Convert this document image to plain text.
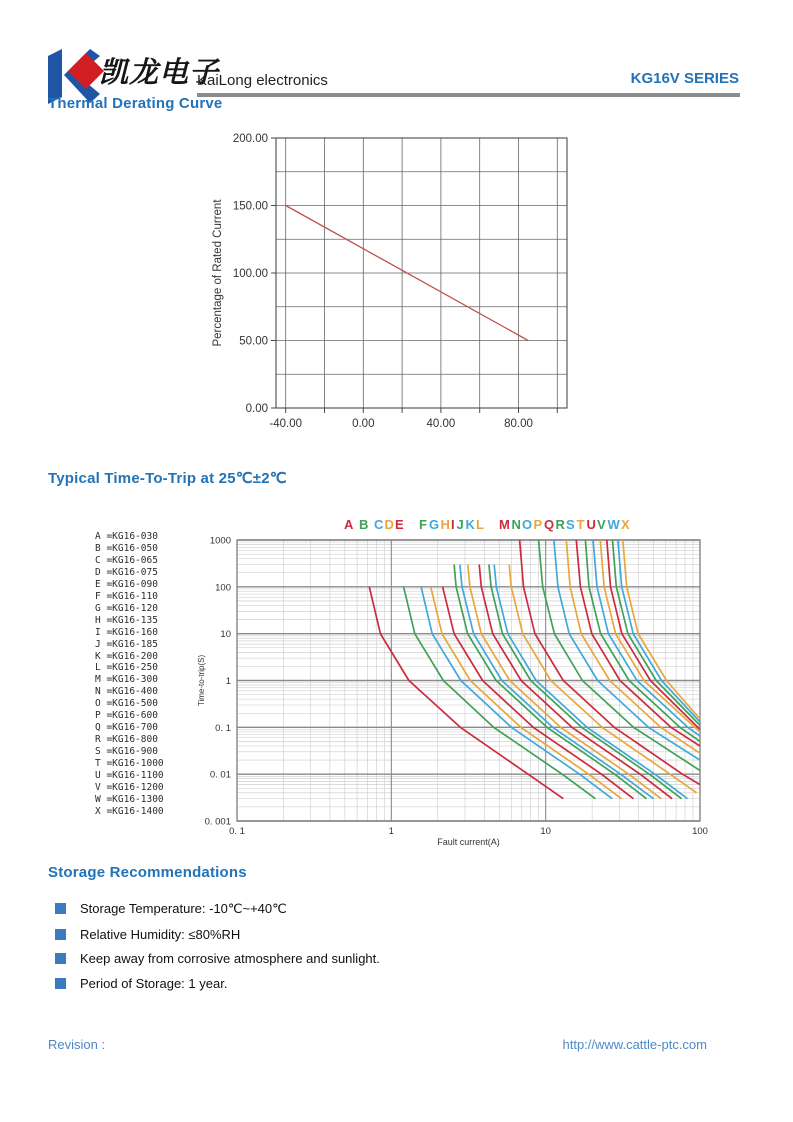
凯龙电子
KaiLong electronics	KG16V SERIES
Thermal Derating Curve
-40.00	0.00	40.00	80.00
0.00
50.00
100.00
150.00
200.00
Percentage of Rated Current
Typical Time-To-Trip at 25℃±2℃
A =KG16-030
B =KG16-050
C =KG16-065
D =KG16-075
E =KG16-090
F =KG16-110
G =KG16-120
H =KG16-135
I =KG16-160
J =KG16-185
K =KG16-200
L =KG16-250
M =KG16-300
N =KG16-400
O =KG16-500
P =KG16-600
Q =KG16-700
R =KG16-800
S =KG16-900
T =KG16-1000
U =KG16-1100
V =KG16-1200
W =KG16-1300
X =KG16-1400
1000
100
10
1
0. 1
0. 01
0. 001
0. 1	1	10	100
Fault current(A)
Time-to-trip(S)
A B C D E F G H I J K L M N O P Q R S T U V W X
Storage Recommendations
Storage Temperature: -10℃~+40℃
Relative Humidity: ≤80%RH
Keep away from corrosive atmosphere and sunlight.
Period of Storage: 1 year.
Revision :	http://www.cattle-ptc.com
